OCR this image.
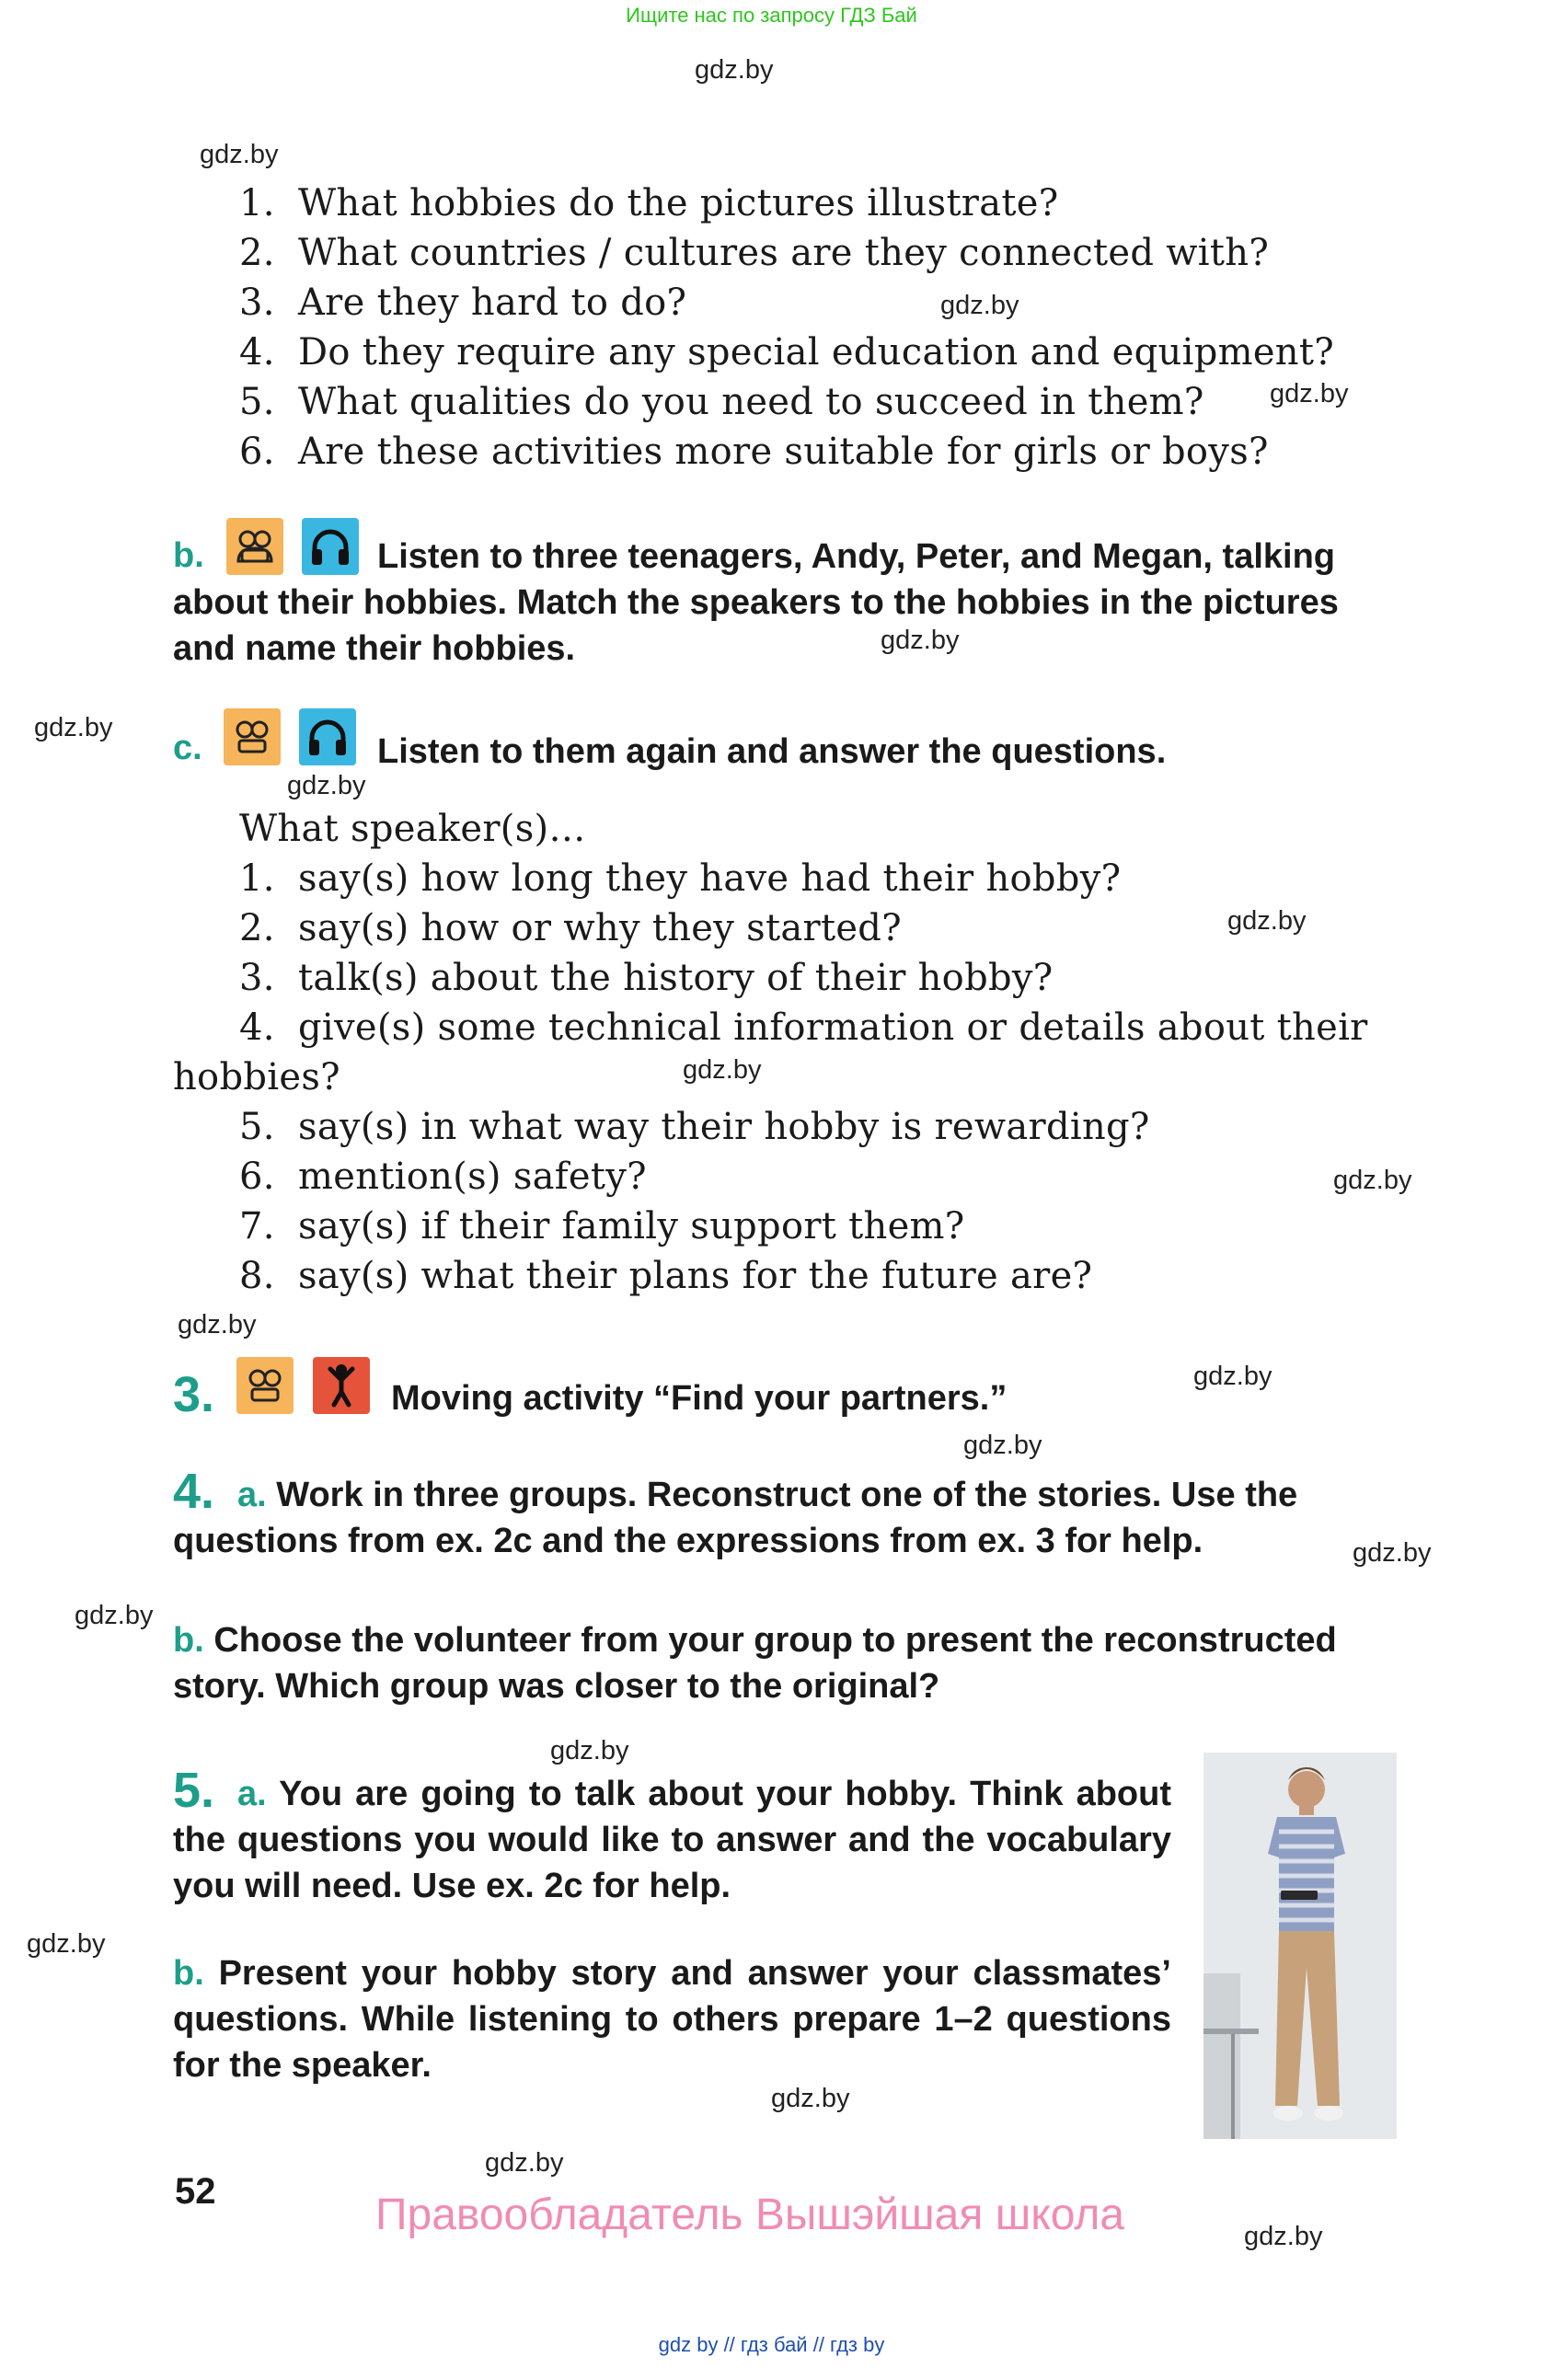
Ищите нас по запросу ГДЗ Бай
gdz.by
gdz.by
gdz.by
gdz.by
gdz.by
gdz.by
gdz.by
gdz.by
gdz.by
gdz.by
gdz.by
gdz.by
gdz.by
gdz.by
gdz.by
gdz.by
gdz.by
gdz.by
gdz.by
gdz.by
1. What hobbies do the pictures illustrate?
2. What countries / cultures are they connected with?
3. Are they hard to do?
4. Do they require any special education and equipment?
5. What qualities do you need to succeed in them?
6. Are these activities more suitable for girls or boys?
b.	Listen to three teenagers, Andy, Peter, and Megan, talking about their hobbies. Match the speakers to the hobbies in the pictures and name their hobbies.
c.	Listen to them again and answer the questions.
What speaker(s)…
1. say(s) how long they have had their hobby?
2. say(s) how or why they started?
3. talk(s) about the history of their hobby?
4. give(s) some technical information or details about their
hobbies?
5. say(s) in what way their hobby is rewarding?
6. mention(s) safety?
7. say(s) if their family support them?
8. say(s) what their plans for the future are?
3.	Moving activity “Find your partners.”
4. a. Work in three groups. Reconstruct one of the stories. Use the questions from ex. 2c and the expressions from ex. 3 for help.
b. Choose the volunteer from your group to present the reconstructed story. Which group was closer to the original?
5. a. You are going to talk about your hobby. Think about the questions you would like to answer and the vocabulary you will need. Use ex. 2c for help.
b. Present your hobby story and answer your classmates’ questions. While listening to others prepare 1–2 questions for the speaker.
52	Правообладатель Вышэйшая школа
gdz by // гдз бай // гдз by
